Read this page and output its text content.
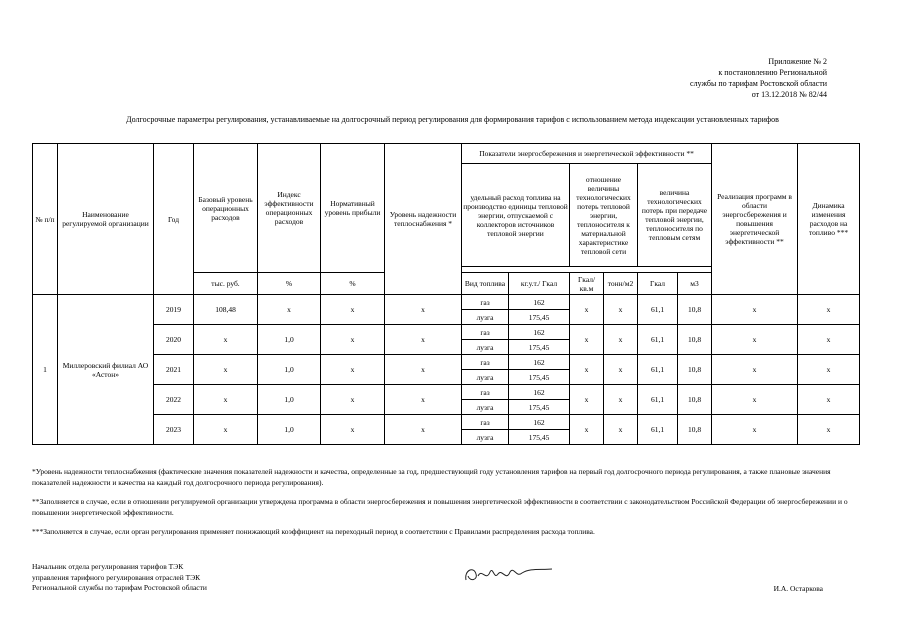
Приложение № 2
к постановлению Региональной
службы по тарифам Ростовской области
от 13.12.2018 № 82/44
Долгосрочные параметры регулирования, устанавливаемые на долгосрочный период регулирования для формирования тарифов с использованием метода индексации установленных тарифов
№ п/п	Наименование регулируемой организации	Год	Базовый уровень операционных расходов	Индекс эффективности операционных расходов	Нормативный уровень прибыли	Уровень надежности теплоснабжения *	Показатели энергосбережения и энергетической эффективности **						Реализация программ в области энергосбережения и повышения энергетической эффективности **	Динамика изменения расходов на топливо ***
							удельный расход топлива на производство единицы тепловой энергии, отпускаемой с коллекторов источников тепловой энергии		отношение величины технологических потерь тепловой энергии, теплоносителя к материальной характеристике тепловой сети		величина технологических потерь при передаче тепловой энергии, теплоносителя по тепловым сетям			

			тыс. руб.	%	%		Вид топлива	кг.у.т./ Гкал	Гкал/ кв.м	тонн/м2	Гкал	м3		
1	Миллеровский филиал АО «Астон»	2019	108,48	х	х	х	газ	162	х	х	61,1	10,8	х	х
							лузга	175,45						
		2020	х	1,0	х	х	газ	162	х	х	61,1	10,8	х	х
							лузга	175,45						
		2021	х	1,0	х	х	газ	162	х	х	61,1	10,8	х	х
							лузга	175,45						
		2022	х	1,0	х	х	газ	162	х	х	61,1	10,8	х	х
							лузга	175,45						
		2023	х	1,0	х	х	газ	162	х	х	61,1	10,8	х	х
							лузга	175,45						

*Уровень надежности теплоснабжения (фактические значения показателей надежности и качества, определенные за год, предшествующий году установления тарифов на первый год долгосрочного периода регулирования, а также плановые значения показателей надежности и качества на каждый год долгосрочного периода регулирования).

**Заполняется в случае, если в отношении регулируемой организации утверждена программа в области энергосбережения и повышения энергетической эффективности в соответствии с законодательством Российской Федерации об энергосбережении и о повышении энергетической эффективности.

***Заполняется в случае, если орган регулирования применяет понижающий коэффициент на переходный период в соответствии с Правилами распределения расхода топлива.

Начальник отдела регулирования тарифов ТЭК
управления тарифного регулирования отраслей ТЭК
Региональной службы по тарифам Ростовской области	И.А. Остаркова
